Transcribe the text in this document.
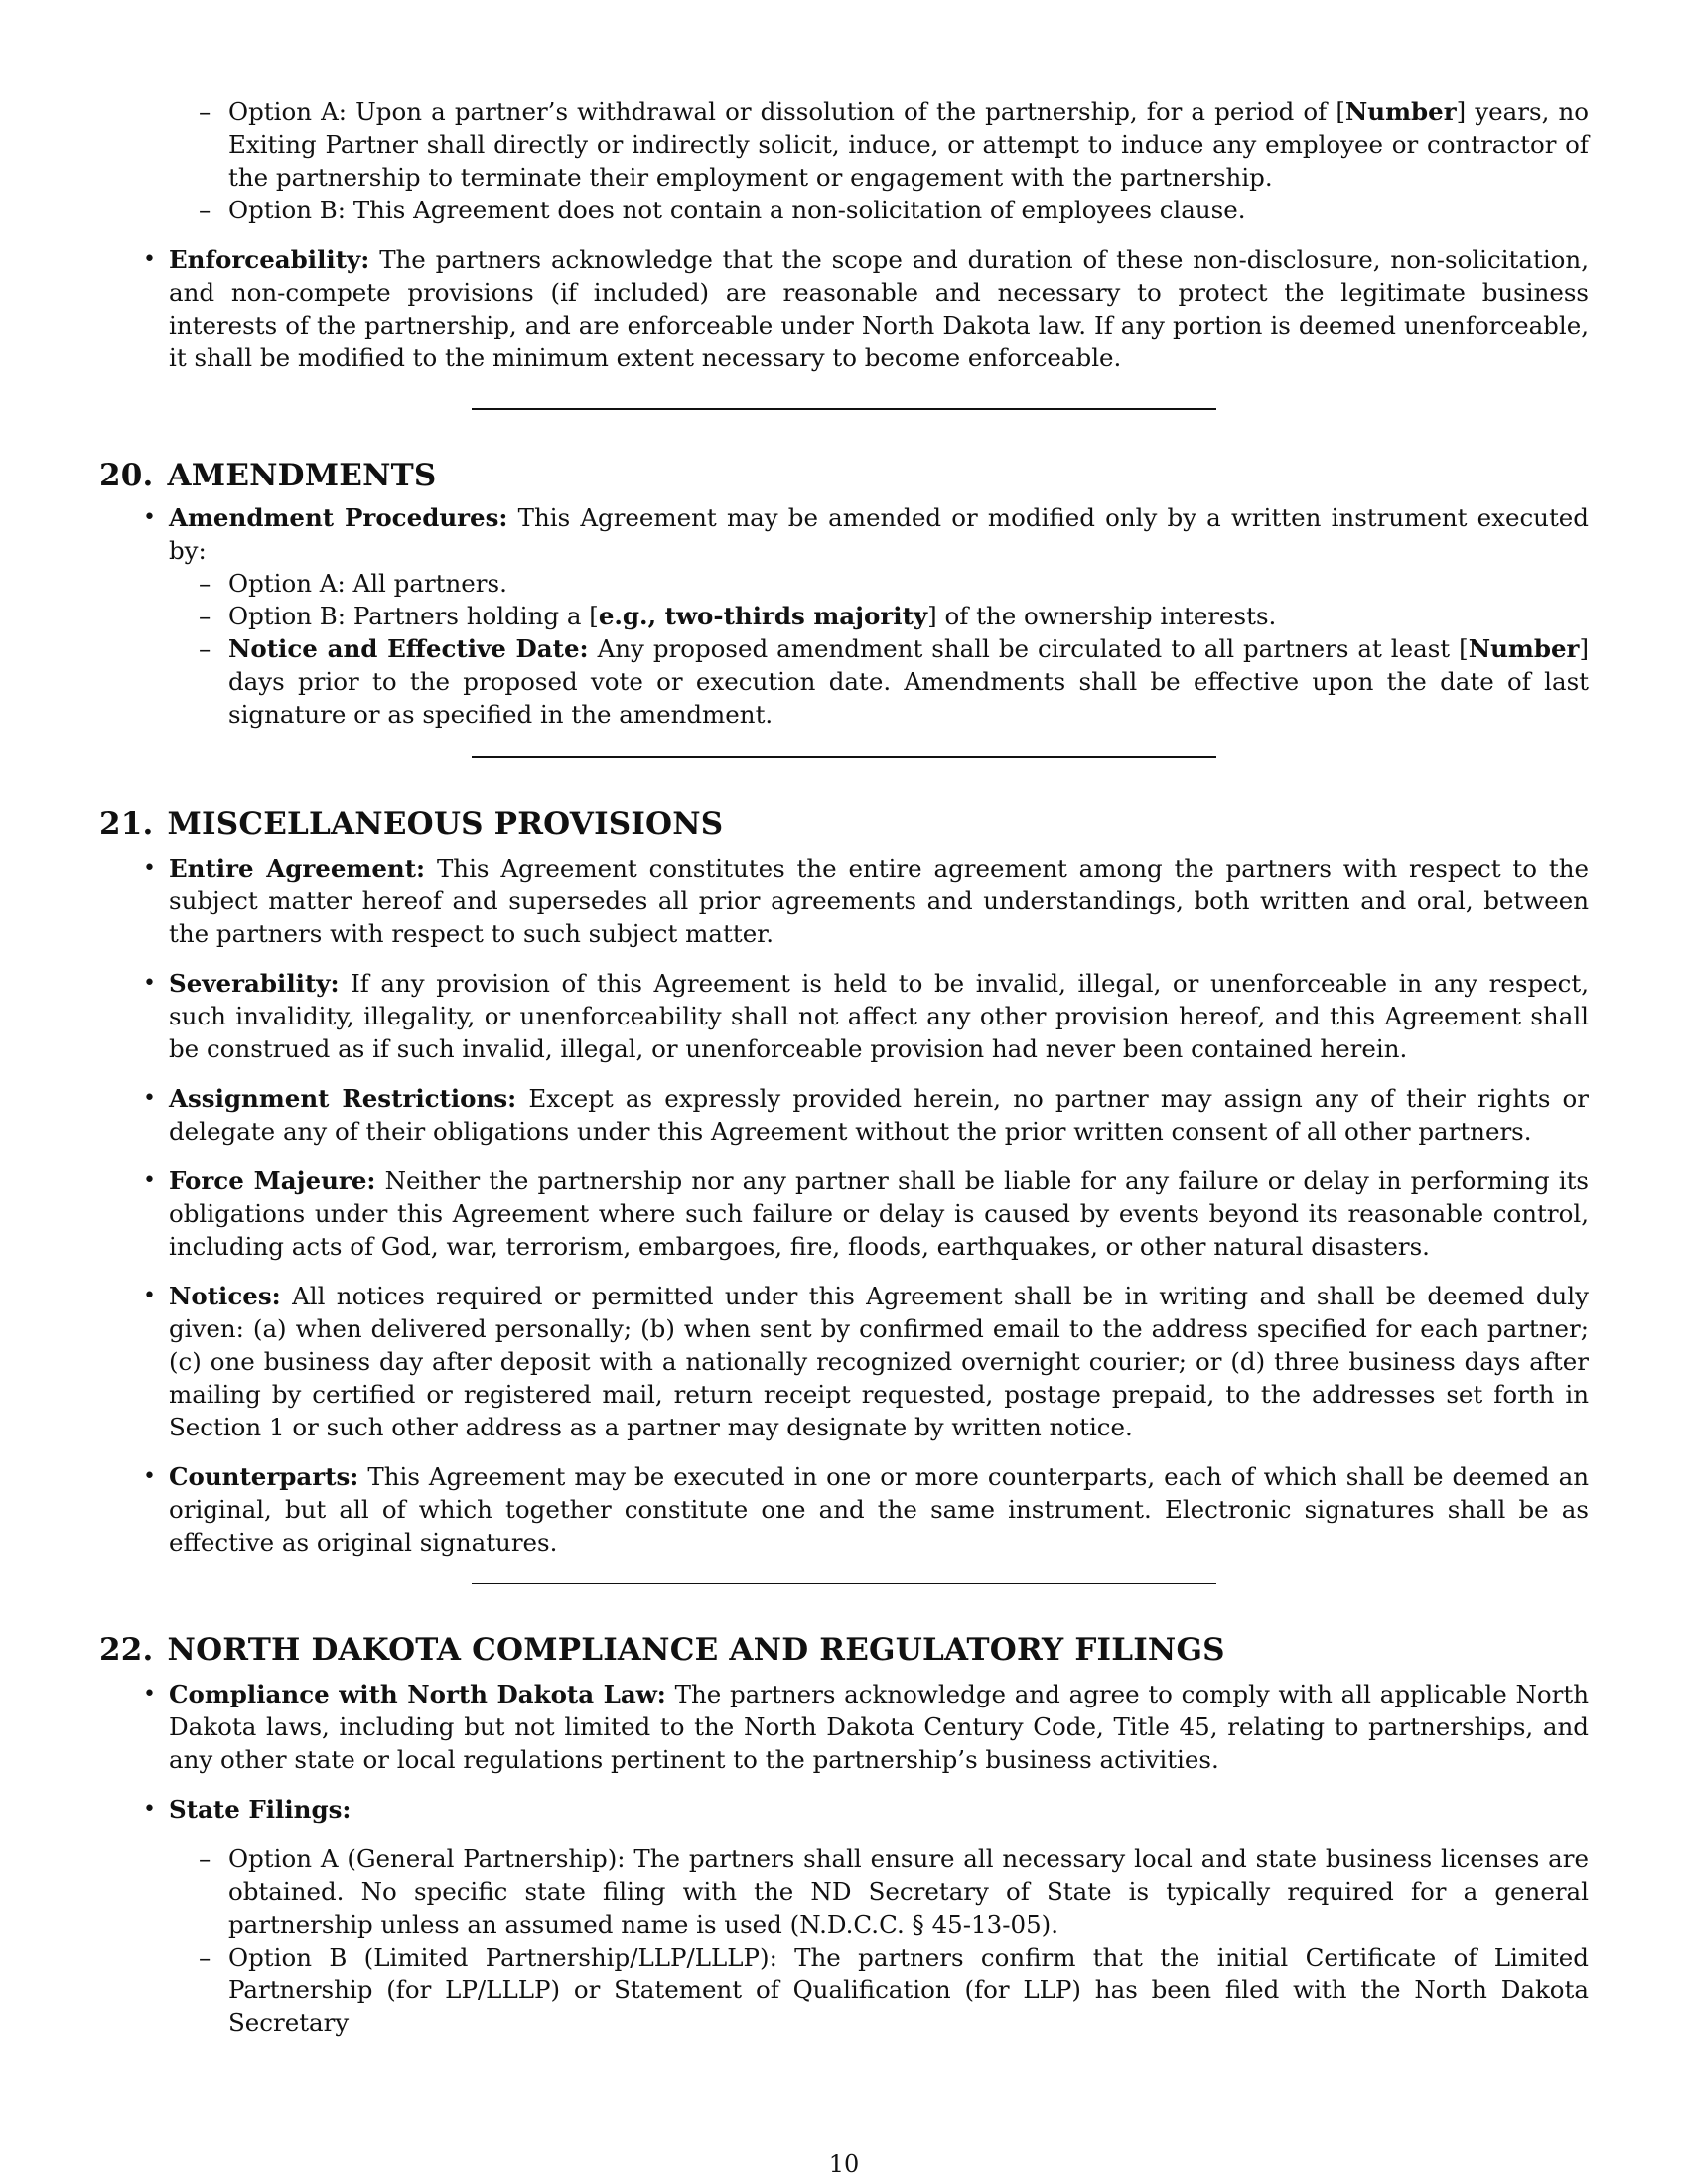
– Option A: Upon a partner’s withdrawal or dissolution of the partnership, for a period of [Number] years, no Exiting Partner shall directly or indirectly solicit, induce, or attempt to induce any employee or contractor of the partnership to terminate their employment or engagement with the partnership.
– Option B: This Agreement does not contain a non-solicitation of employees clause.
• Enforceability: The partners acknowledge that the scope and duration of these non-disclosure, non-solicitation, and non-compete provisions (if included) are reasonable and necessary to protect the legitimate business interests of the partnership, and are enforceable under North Dakota law. If any portion is deemed unenforceable, it shall be modified to the minimum extent necessary to become enforceable.
20. AMENDMENTS
• Amendment Procedures: This Agreement may be amended or modified only by a written instrument executed by:
– Option A: All partners.
– Option B: Partners holding a [e.g., two-thirds majority] of the ownership interests.
– Notice and Effective Date: Any proposed amendment shall be circulated to all partners at least [Number] days prior to the proposed vote or execution date. Amendments shall be effective upon the date of last signature or as specified in the amendment.
21. MISCELLANEOUS PROVISIONS
• Entire Agreement: This Agreement constitutes the entire agreement among the partners with respect to the subject matter hereof and supersedes all prior agreements and understandings, both written and oral, between the partners with respect to such subject matter.
• Severability: If any provision of this Agreement is held to be invalid, illegal, or unenforceable in any respect, such invalidity, illegality, or unenforceability shall not affect any other provision hereof, and this Agreement shall be construed as if such invalid, illegal, or unenforceable provision had never been contained herein.
• Assignment Restrictions: Except as expressly provided herein, no partner may assign any of their rights or delegate any of their obligations under this Agreement without the prior written consent of all other partners.
• Force Majeure: Neither the partnership nor any partner shall be liable for any failure or delay in performing its obligations under this Agreement where such failure or delay is caused by events beyond its reasonable control, including acts of God, war, terrorism, embargoes, fire, floods, earthquakes, or other natural disasters.
• Notices: All notices required or permitted under this Agreement shall be in writing and shall be deemed duly given: (a) when delivered personally; (b) when sent by confirmed email to the address specified for each partner; (c) one business day after deposit with a nationally recognized overnight courier; or (d) three business days after mailing by certified or registered mail, return receipt requested, postage prepaid, to the addresses set forth in Section 1 or such other address as a partner may designate by written notice.
• Counterparts: This Agreement may be executed in one or more counterparts, each of which shall be deemed an original, but all of which together constitute one and the same instrument. Electronic signatures shall be as effective as original signatures.
22. NORTH DAKOTA COMPLIANCE AND REGULATORY FILINGS
• Compliance with North Dakota Law: The partners acknowledge and agree to comply with all applicable North Dakota laws, including but not limited to the North Dakota Century Code, Title 45, relating to partnerships, and any other state or local regulations pertinent to the partnership’s business activities.
• State Filings:
– Option A (General Partnership): The partners shall ensure all necessary local and state business licenses are obtained. No specific state filing with the ND Secretary of State is typically required for a general partnership unless an assumed name is used (N.D.C.C. § 45-13-05).
– Option B (Limited Partnership/LLP/LLLP): The partners confirm that the initial Certificate of Limited Partnership (for LP/LLLP) or Statement of Qualification (for LLP) has been filed with the North Dakota Secretary
10
